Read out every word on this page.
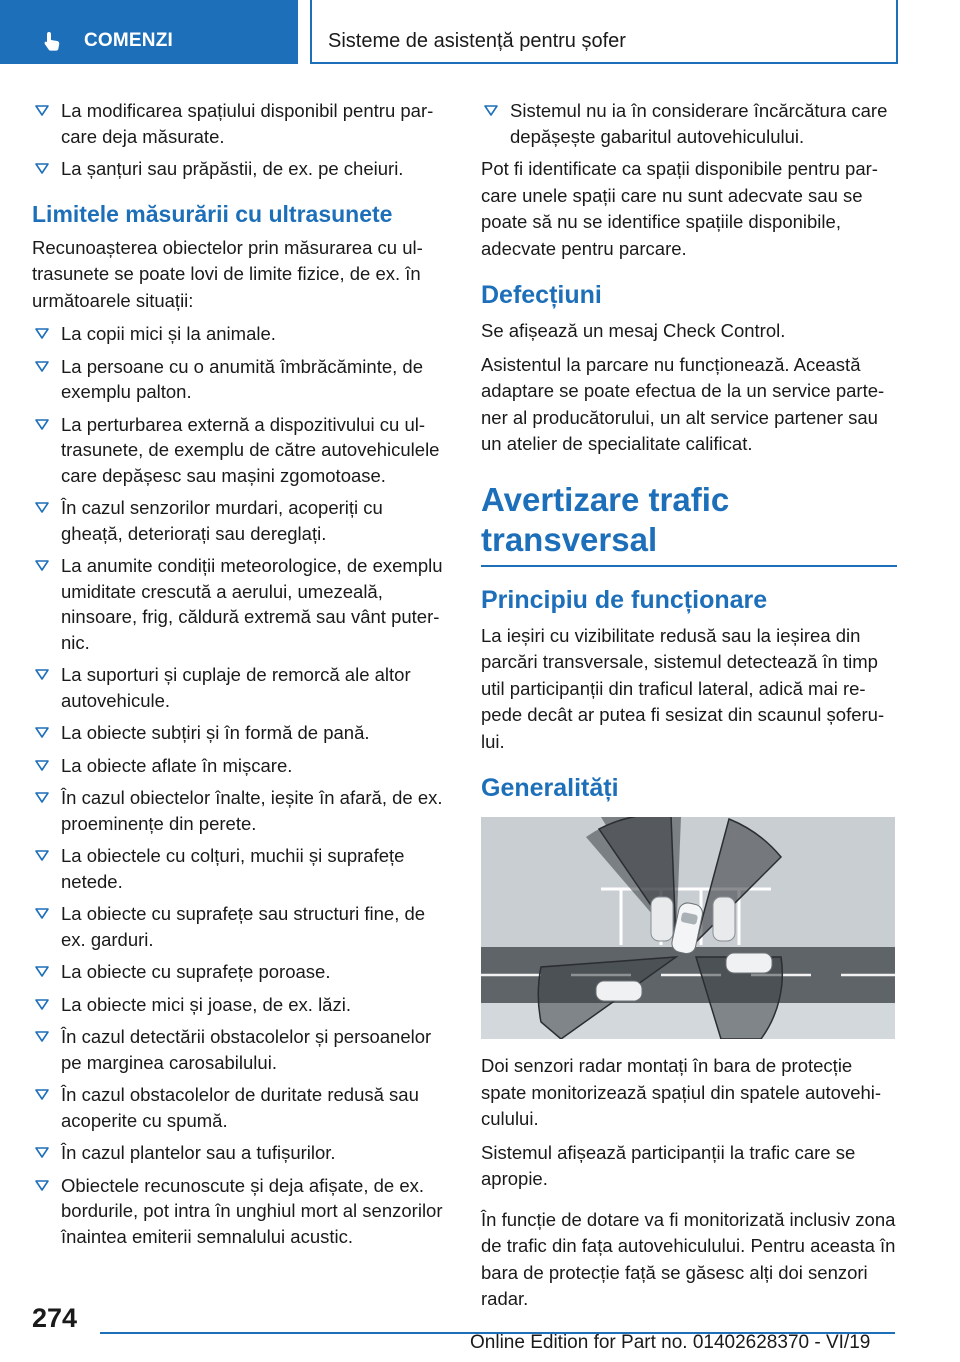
COMENZI	Sisteme de asistență pentru șofer
La modificarea spațiului disponibil pentru parcare deja măsurate.
La șanțuri sau prăpăstii, de ex. pe cheiuri.
Limitele măsurării cu ultrasunete

Recunoașterea obiectelor prin măsurarea cu ultrasunete se poate lovi de limite fizice, de ex. în următoarele situații:

La copii mici și la animale.
La persoane cu o anumită îmbrăcăminte, de exemplu palton.
La perturbarea externă a dispozitivului cu ultrasunete, de exemplu de către autovehiculele care depășesc sau mașini zgomotoase.
În cazul senzorilor murdari, acoperiți cu gheață, deteriorați sau dereglați.
La anumite condiții meteorologice, de exemplu umiditate crescută a aerului, umezeală, ninsoare, frig, căldură extremă sau vânt puternic.
La suporturi și cuplaje de remorcă ale altor autovehicule.
La obiecte subțiri și în formă de pană.
La obiecte aflate în mișcare.
În cazul obiectelor înalte, ieșite în afară, de ex. proeminențe din perete.
La obiectele cu colțuri, muchii și suprafețe netede.
La obiecte cu suprafețe sau structuri fine, de ex. garduri.
La obiecte cu suprafețe poroase.
La obiecte mici și joase, de ex. lăzi.
În cazul detectării obstacolelor și persoanelor pe marginea carosabilului.
În cazul obstacolelor de duritate redusă sau acoperite cu spumă.
În cazul plantelor sau a tufișurilor.
Obiectele recunoscute și deja afișate, de ex. bordurile, pot intra în unghiul mort al senzorilor înaintea emiterii semnalului acustic.
Sistemul nu ia în considerare încărcătura care depășește gabaritul autovehiculului.

Pot fi identificate ca spații disponibile pentru parcare unele spații care nu sunt adecvate sau se poate să nu se identifice spațiile disponibile, adecvate pentru parcare.

Defecțiuni

Se afișează un mesaj Check Control.

Asistentul la parcare nu funcționează. Această adaptare se poate efectua de la un service partener al producătorului, un alt service partener sau un atelier de specialitate calificat.

Avertizare trafic transversal
Principiu de funcționare

La ieșiri cu vizibilitate redusă sau la ieșirea din parcări transversale, sistemul detectează în timp util participanții din traficul lateral, adică mai repede decât ar putea fi sesizat din scaunul șoferului.

Generalități

Doi senzori radar montați în bara de protecție spate monitorizează spațiul din spatele autovehiculului.

Sistemul afișează participanții la trafic care se apropie.

În funcție de dotare va fi monitorizată inclusiv zona de trafic din fața autovehiculului. Pentru aceasta în bara de protecție față se găsesc alți doi senzori radar.

274
Online Edition for Part no. 01402628370 - VI/19
